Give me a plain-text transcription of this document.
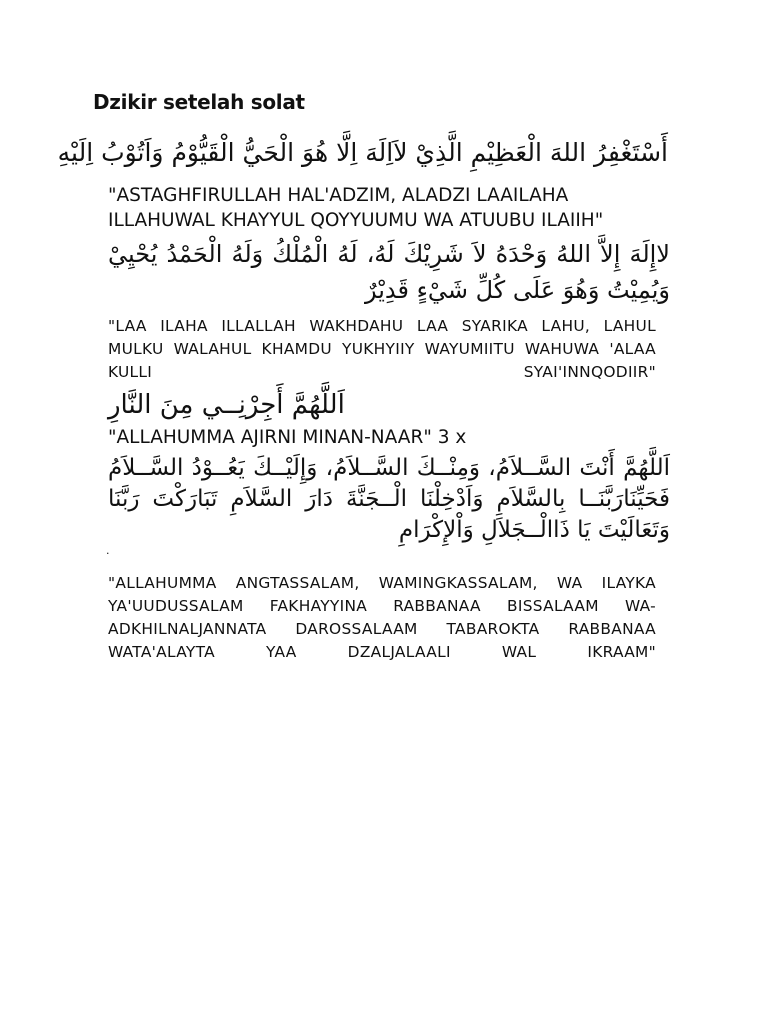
Dzikir setelah solat
أَسْتَغْفِرُ اللهَ الْعَظِيْمِ الَّذِيْ لاَاِلَهَ اِلَّا هُوَ الْحَيُّ الْقَيُّوْمُ وَاَتُوْبُ اِلَيْهِ
"ASTAGHFIRULLAH HAL'ADZIM, ALADZI LAAILAHA ILLAHUWAL KHAYYUL QOYYUUMU WA ATUUBU ILAIIH"
لاإِلَهَ إِلاَّ اللهُ وَحْدَهُ لاَ شَرِيْكَ لَهُ، لَهُ الْمُلْكُ وَلَهُ الْحَمْدُ يُحْيِيْ وَيُمِيْتُ وَهُوَ عَلَى كُلِّ شَيْءٍ قَدِيْرٌ
"LAA ILAHA ILLALLAH WAKHDAHU LAA SYARIKA LAHU, LAHUL MULKU WALAHUL KHAMDU YUKHYIIY WAYUMIITU WAHUWA 'ALAA KULLI SYAI'INNQODIIR"
اَللَّهُمَّ أَجِرْنِــي مِنَ النَّارِ
"ALLAHUMMA AJIRNI MINAN-NAAR" 3 x
اَللَّهُمَّ أَنْتَ السَّــلاَمُ، وَمِنْــكَ السَّــلاَمُ، وَإِلَيْــكَ يَعُــوْدُ السَّــلاَمُ فَحَيِّنَارَبَّنَــا بِالسَّلاَمِ وَاَدْخِلْنَا الْــجَنَّةَ دَارَ السَّلاَمِ تَبَارَكْتَ رَبَّنَا وَتَعَالَيْتَ يَا ذَاالْــجَلاَلِ وَاْلإِكْرَامِ
.
"ALLAHUMMA ANGTASSALAM, WAMINGKASSALAM, WA ILAYKA YA'UUDUSSALAM FAKHAYYINA RABBANAA BISSALAAM WA-ADKHILNALJANNATA DAROSSALAAM TABAROKTA RABBANAA WATA'ALAYTA YAA DZALJALAALI WAL IKRAAM"
